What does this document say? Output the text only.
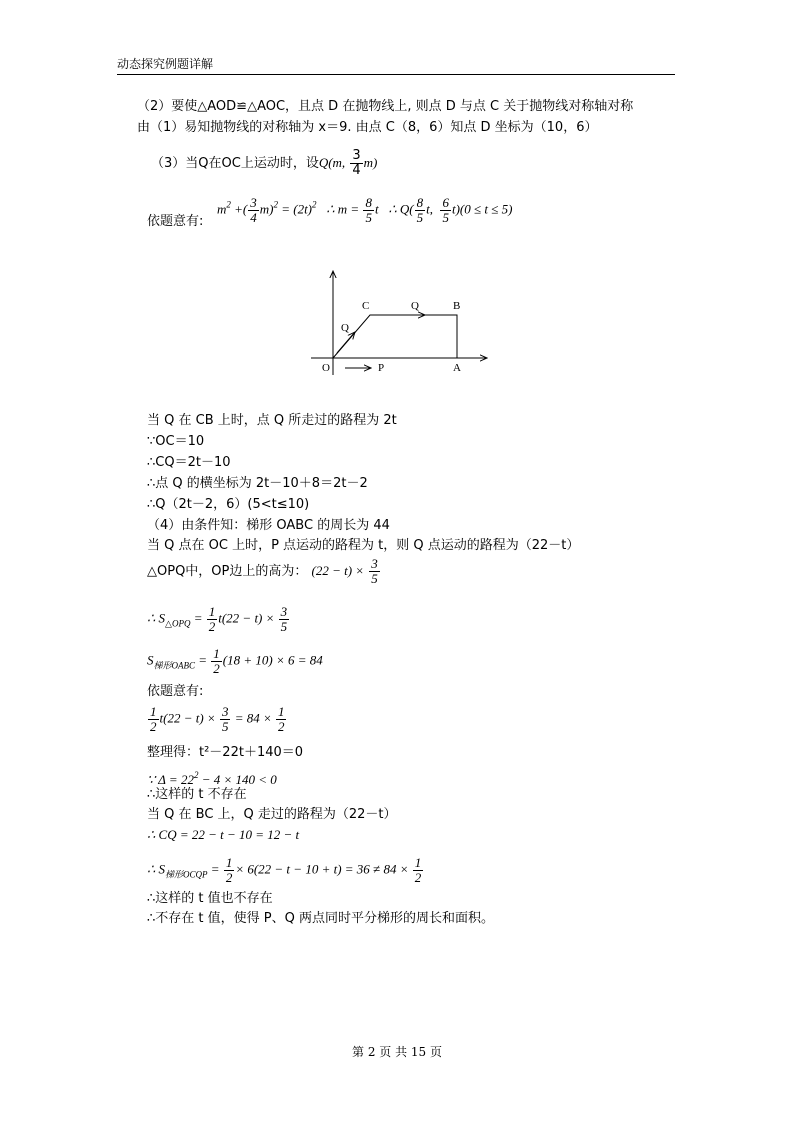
动态探究例题详解
（2）要使△AOD≌△AOC，且点 D 在抛物线上, 则点 D 与点 C 关于抛物线对称轴对称
由（1）易知抛物线的对称轴为 x＝9. 由点 C（8，6）知点 D 坐标为（10，6）
（3）当Q在OC上运动时，设Q(m, $\frac{3}{4} m$)
依题意有:
$m^2$ +( $\frac{3}{4} m)^2 = (2t)^2$ ∴ $m = \frac{8}{5}$ t ∴ $Q( \frac{8}{5} t$, $\frac{6}{5} t)(0 \le t \le 5)$
O	A
B
C
P
Q
Q
当 Q 在 CB 上时，点 Q 所走过的路程为 2t
∵OC＝10
∴CQ＝2t－10
∴点 Q 的横坐标为 2t－10＋8＝2t－2
∴Q（2t－2，6）(5<t≤10)
（4）由条件知：梯形 OABC 的周长为 44
当 Q 点在 OC 上时，P 点运动的路程为 t，则 Q 点运动的路程为（22－t）
△OPQ中，OP边上的高为： $(22 - t) \times \frac{3}{5}$
∴ $S_{\triangle OPQ} = \frac{1}{2} t(22 - t) \times \frac{3}{5}$
$S_{梯形OABC} = \frac{1}{2} (18 + 10) \times 6 = 84$
依题意有:
$\frac{1}{2} t(22 - t) \times \frac{3}{5} = 84 \times \frac{1}{2}$
整理得：t²－22t＋140＝0
∵ $\Delta = 22^2 - 4 \times 140 < 0$
∴这样的 t 不存在
当 Q 在 BC 上，Q 走过的路程为（22－t）
∴ CQ = 22 − t − 10 = 12 − t
∴ $S_{梯形OCQP} = \frac{1}{2} \times 6(22 - t - 10 + t) = 36 \ne 84 \times \frac{1}{2}$
∴这样的 t 值也不存在
∴不存在 t 值，使得 P、Q 两点同时平分梯形的周长和面积。
第 2 页 共 15 页
